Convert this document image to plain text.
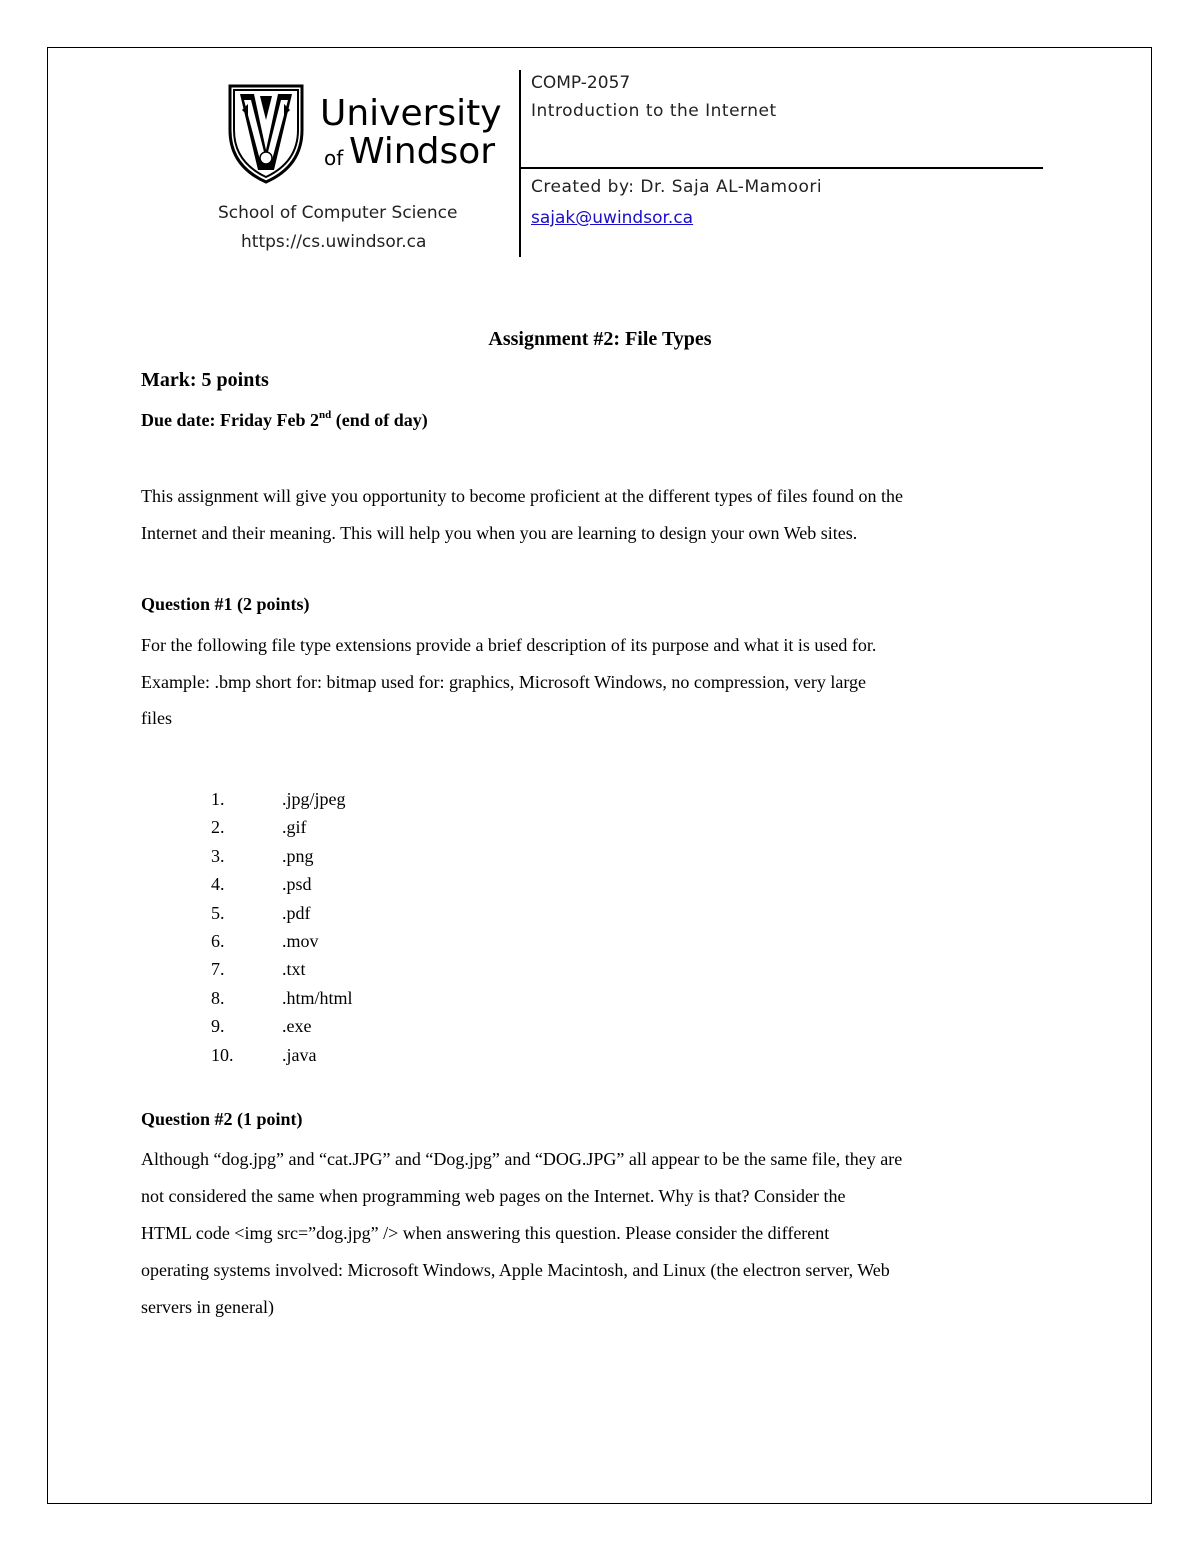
University
of Windsor
School of Computer Science
https://cs.uwindsor.ca
COMP-2057
Introduction to the Internet
Created by: Dr. Saja AL-Mamoori
sajak@uwindsor.ca
Assignment #2: File Types
Mark: 5 points
Due date: Friday Feb 2nd (end of day)
This assignment will give you opportunity to become proficient at the different types of files found on the
Internet and their meaning. This will help you when you are learning to design your own Web sites.
Question #1 (2 points)
For the following file type extensions provide a brief description of its purpose and what it is used for.
Example: .bmp short for: bitmap used for: graphics, Microsoft Windows, no compression, very large
files
1.	.jpg/jpeg
2.	.gif
3.	.png
4.	.psd
5.	.pdf
6.	.mov
7.	.txt
8.	.htm/html
9.	.exe
10.	.java
Question #2 (1 point)
Although “dog.jpg” and “cat.JPG” and “Dog.jpg” and “DOG.JPG” all appear to be the same file, they are
not considered the same when programming web pages on the Internet. Why is that? Consider the
HTML code <img src=”dog.jpg” /> when answering this question. Please consider the different
operating systems involved: Microsoft Windows, Apple Macintosh, and Linux (the electron server, Web
servers in general)
